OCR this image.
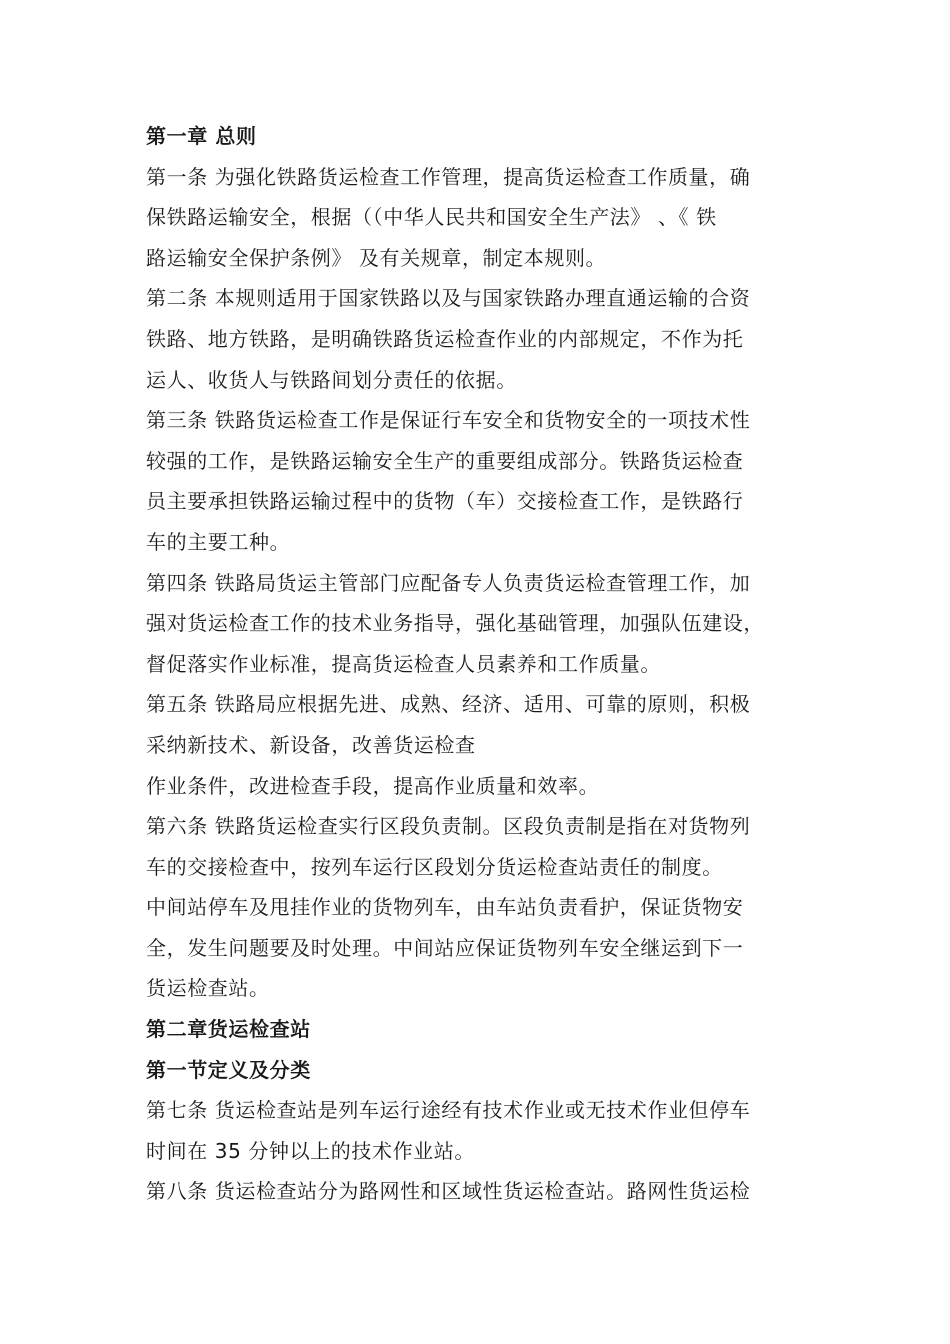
第一章 总则
第一条 为强化铁路货运检查工作管理，提高货运检查工作质量，确
保铁路运输安全，根据（（中华人民共和国安全生产法》 、《 铁
路运输安全保护条例》 及有关规章，制定本规则。
第二条 本规则适用于国家铁路以及与国家铁路办理直通运输的合资
铁路、地方铁路，是明确铁路货运检查作业的内部规定，不作为托
运人、收货人与铁路间划分责任的依据。
第三条 铁路货运检查工作是保证行车安全和货物安全的一项技术性
较强的工作，是铁路运输安全生产的重要组成部分。铁路货运检查
员主要承担铁路运输过程中的货物（车）交接检查工作，是铁路行
车的主要工种。
第四条 铁路局货运主管部门应配备专人负责货运检查管理工作，加
强对货运检查工作的技术业务指导，强化基础管理，加强队伍建设，
督促落实作业标准，提高货运检查人员素养和工作质量。
第五条 铁路局应根据先进、成熟、经济、适用、可靠的原则，积极
采纳新技术、新设备，改善货运检查
作业条件，改进检查手段，提高作业质量和效率。
第六条 铁路货运检查实行区段负责制。区段负责制是指在对货物列
车的交接检查中，按列车运行区段划分货运检查站责任的制度。
中间站停车及甩挂作业的货物列车，由车站负责看护，保证货物安
全，发生问题要及时处理。中间站应保证货物列车安全继运到下一
货运检查站。
第二章货运检查站
第一节定义及分类
第七条 货运检查站是列车运行途经有技术作业或无技术作业但停车
时间在 35 分钟以上的技术作业站。
第八条 货运检查站分为路网性和区域性货运检查站。路网性货运检
